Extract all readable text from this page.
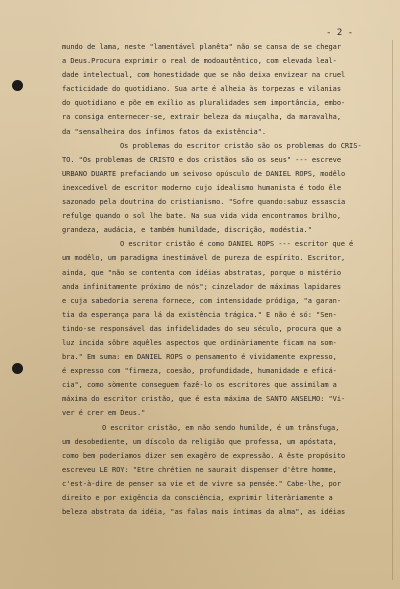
- 2 -
mundo de lama, neste "lamentável planêta" não se cansa de se chegar
a Deus.Procura exprimir o real de modoautêntico, com elevada leal-
dade intelectual, com honestidade que se não deixa envizear na cruel
facticidade do quotidiano. Sua arte é alheia às torpezas e vilanias
do quotidiano e põe em exílio as pluralidades sem importância, embo-
ra consiga enternecer-se, extrair beleza da miuçalha, da maravalha,
da "sensalheira dos ínfimos fatos da existência".
Os problemas do escritor cristão são os problemas do CRIS-
TO. "Os problemas de CRISTO e dos cristãos são os seus" --- escreve
URBANO DUARTE prefaciando um seivoso opúsculo de DANIEL ROPS, modêlo
inexcedível de escritor moderno cujo idealismo humanista é todo êle
sazonado pela doutrina do cristianismo. "Sofre quando:sabuz essascia
refulge quando o sol lhe bate. Na sua vida vida encontramos brilho,
grandeza, audácia, e também humildade, discrição, modéstia."
O escritor cristão é como DANIEL ROPS --- escritor que é
um modêlo, um paradigma inestimável de pureza de espírito. Escritor,
ainda, que "não se contenta com idéias abstratas, porque o mistério
anda infinitamente próximo de nós"; cinzelador de máximas lapidares
e cuja sabedoria serena fornece, com intensidade pródiga, "a garan-
tia da esperança para lá da existência trágica." E não é só: "Sen-
tindo-se responsável das infidelidades do seu século, procura que a
luz incida sôbre aquêles aspectos que ordinàriamente ficam na som-
bra." Em suma: em DANIEL ROPS o pensamento é vividamente expresso,
é expresso com "firmeza, coesão, profundidade, humanidade e eficá-
cia", como sòmente conseguem fazê-lo os escritores que assimilam a
máxima do escritor cristão, que é esta máxima de SANTO ANSELMO: "Vi-
ver é crer em Deus."
O escritor cristão, em não sendo humilde, é um trânsfuga,
um desobediente, um díscolo da religião que professa, um apóstata,
como bem poderíamos dizer sem exagêro de expressão. A êste propósito
escreveu LE ROY: "Etre chrétien ne saurait dispenser d'être homme,
c'est-à-dire de penser sa vie et de vivre sa pensée." Cabe-lhe, por
direito e por exigência da consciência, exprimir literàriamente a
beleza abstrata da idéia, "as falas mais íntimas da alma", as idéias
